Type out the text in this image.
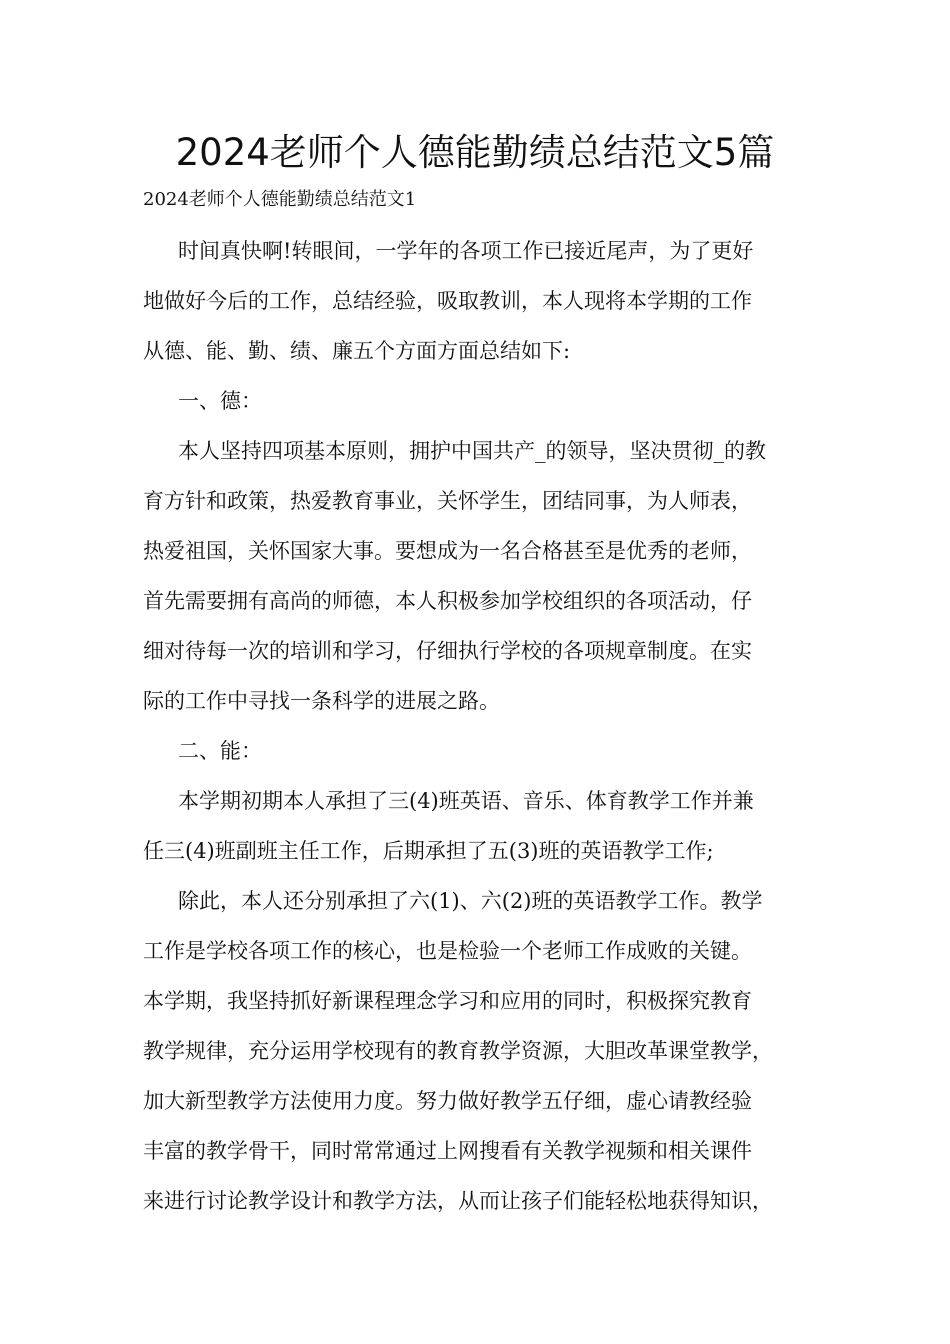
2024老师个人德能勤绩总结范文5篇
2024老师个人德能勤绩总结范文1
时间真快啊!转眼间，一学年的各项工作已接近尾声，为了更好
地做好今后的工作，总结经验，吸取教训，本人现将本学期的工作
从德、能、勤、绩、廉五个方面方面总结如下:
一、德：
本人坚持四项基本原则，拥护中国共产_的领导，坚决贯彻_的教
育方针和政策，热爱教育事业，关怀学生，团结同事，为人师表，
热爱祖国，关怀国家大事。要想成为一名合格甚至是优秀的老师，
首先需要拥有高尚的师德，本人积极参加学校组织的各项活动，仔
细对待每一次的培训和学习，仔细执行学校的各项规章制度。在实
际的工作中寻找一条科学的进展之路。
二、能：
本学期初期本人承担了三(4)班英语、音乐、体育教学工作并兼
任三(4)班副班主任工作，后期承担了五(3)班的英语教学工作;
除此，本人还分别承担了六(1)、六(2)班的英语教学工作。教学
工作是学校各项工作的核心，也是检验一个老师工作成败的关键。
本学期，我坚持抓好新课程理念学习和应用的同时，积极探究教育
教学规律，充分运用学校现有的教育教学资源，大胆改革课堂教学，
加大新型教学方法使用力度。努力做好教学五仔细，虚心请教经验
丰富的教学骨干，同时常常通过上网搜看有关教学视频和相关课件
来进行讨论教学设计和教学方法，从而让孩子们能轻松地获得知识，
